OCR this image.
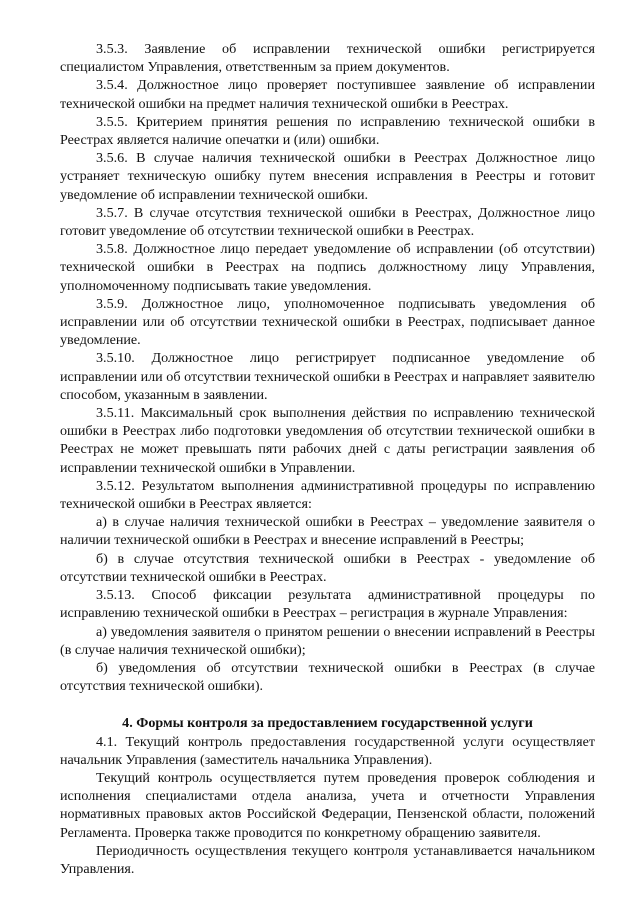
3.5.3. Заявление об исправлении технической ошибки регистрируется специалистом Управления, ответственным за прием документов.

3.5.4. Должностное лицо проверяет поступившее заявление об исправлении технической ошибки на предмет наличия технической ошибки в Реестрах.

3.5.5. Критерием принятия решения по исправлению технической ошибки в Реестрах является наличие опечатки и (или) ошибки.

3.5.6. В случае наличия технической ошибки в Реестрах Должностное лицо устраняет техническую ошибку путем внесения исправления в Реестры и готовит уведомление об исправлении технической ошибки.

3.5.7. В случае отсутствия технической ошибки в Реестрах, Должностное лицо готовит уведомление об отсутствии технической ошибки в Реестрах.

3.5.8. Должностное лицо передает уведомление об исправлении (об отсутствии) технической ошибки в Реестрах на подпись должностному лицу Управления, уполномоченному подписывать такие уведомления.

3.5.9. Должностное лицо, уполномоченное подписывать уведомления об исправлении или об отсутствии технической ошибки в Реестрах, подписывает данное уведомление.

3.5.10. Должностное лицо регистрирует подписанное уведомление об исправлении или об отсутствии технической ошибки в Реестрах и направляет заявителю способом, указанным в заявлении.

3.5.11. Максимальный срок выполнения действия по исправлению технической ошибки в Реестрах либо подготовки уведомления об отсутствии технической ошибки в Реестрах не может превышать пяти рабочих дней с даты регистрации заявления об исправлении технической ошибки в Управлении.

3.5.12. Результатом выполнения административной процедуры по исправлению технической ошибки в Реестрах является:

а) в случае наличия технической ошибки в Реестрах – уведомление заявителя о наличии технической ошибки в Реестрах и внесение исправлений в Реестры;

б) в случае отсутствия технической ошибки в Реестрах - уведомление об отсутствии технической ошибки в Реестрах.

3.5.13. Способ фиксации результата административной процедуры по исправлению технической ошибки в Реестрах – регистрация в журнале Управления:

а) уведомления заявителя о принятом решении о внесении исправлений в Реестры (в случае наличия технической ошибки);

б) уведомления об отсутствии технической ошибки в Реестрах (в случае отсутствия технической ошибки).

4. Формы контроля за предоставлением государственной услуги

4.1. Текущий контроль предоставления государственной услуги осуществляет начальник Управления (заместитель начальника Управления).

Текущий контроль осуществляется путем проведения проверок соблюдения и исполнения специалистами отдела анализа, учета и отчетности Управления нормативных правовых актов Российской Федерации, Пензенской области, положений Регламента. Проверка также проводится по конкретному обращению заявителя.

Периодичность осуществления текущего контроля устанавливается начальником Управления.
